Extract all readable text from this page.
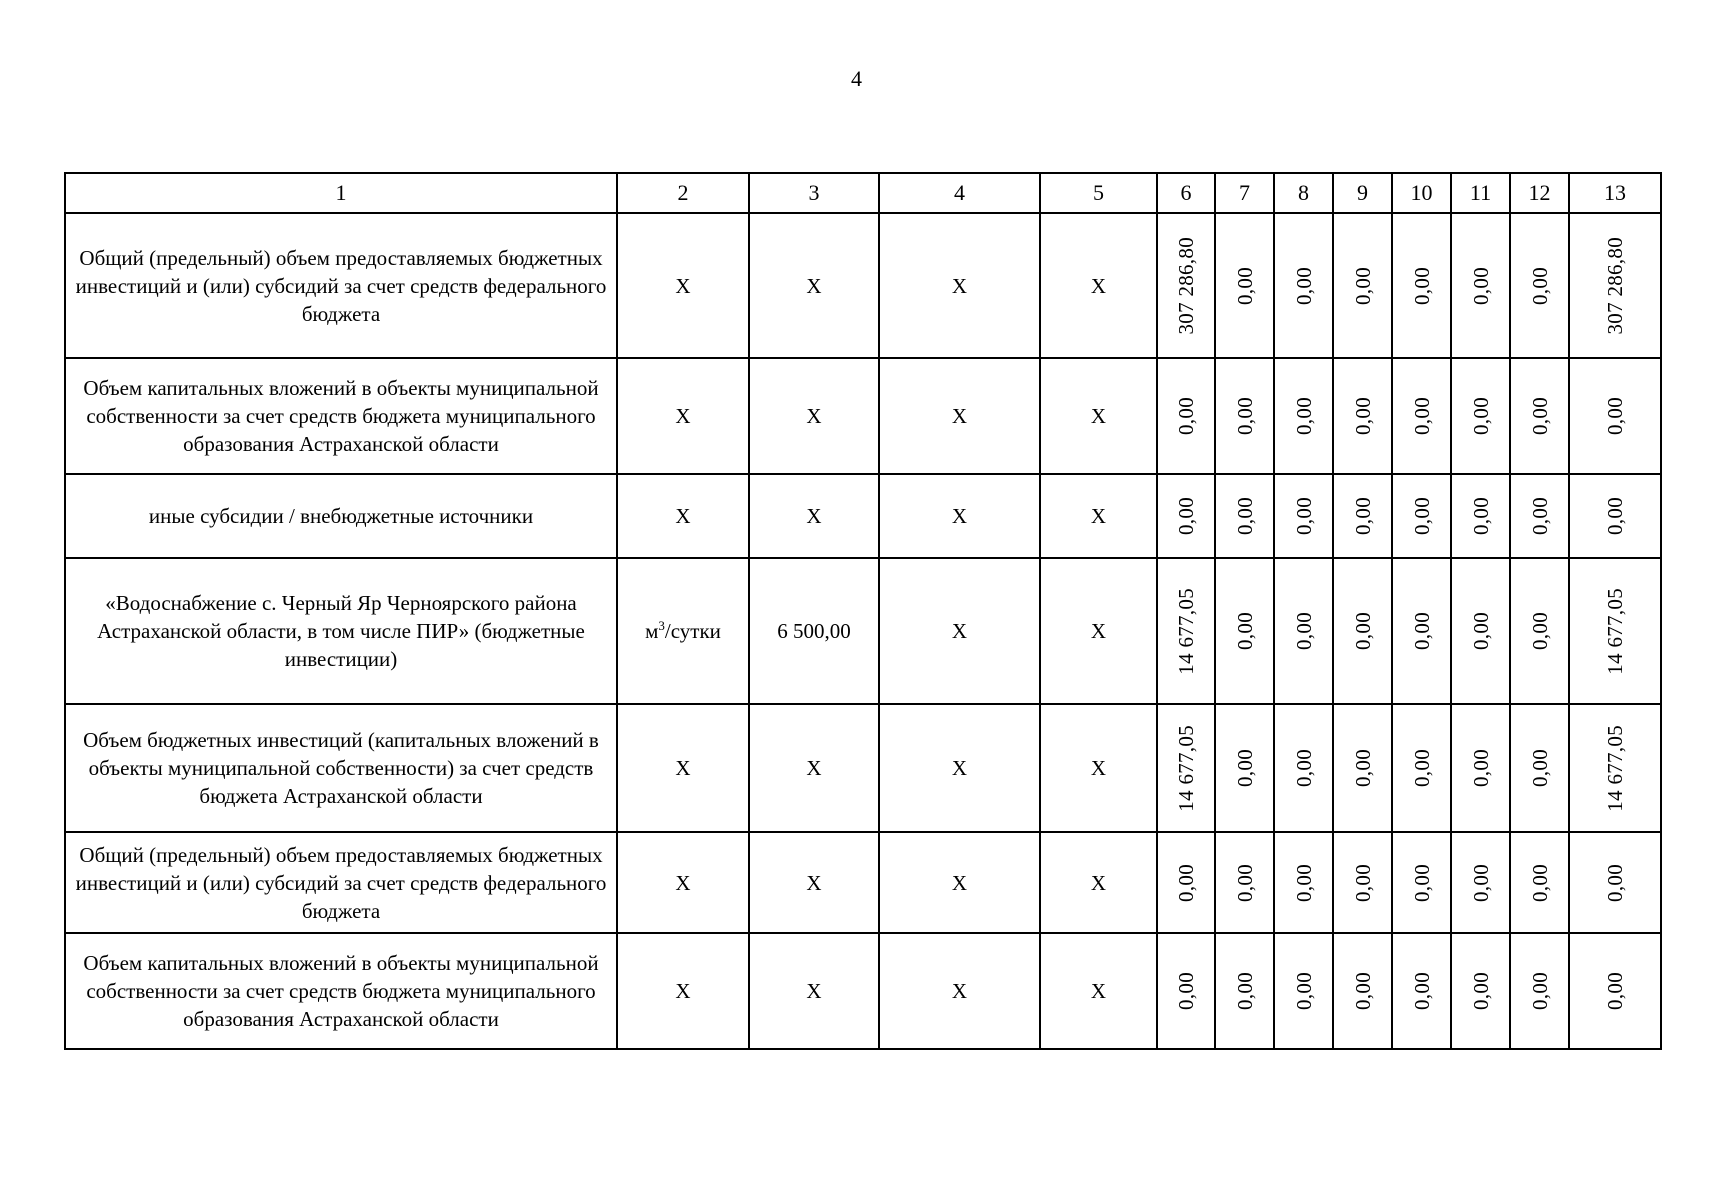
4
1	2	3	4	5	6	7	8	9	10	11	12	13
Общий (предельный) объем предоставляемых бюджетных инвестиций и (или) субсидий за счет средств федерального бюджета	X	X	X	X	307 286,80	0,00	0,00	0,00	0,00	0,00	0,00	307 286,80

Объем капитальных вложений в объекты муниципальной собственности за счет средств бюджета муниципального образования Астраханской области	X	X	X	X	0,00	0,00	0,00	0,00	0,00	0,00	0,00	0,00

иные субсидии / внебюджетные источники	X	X	X	X	0,00	0,00	0,00	0,00	0,00	0,00	0,00	0,00

«Водоснабжение с. Черный Яр Черноярского района Астраханской области, в том числе ПИР» (бюджетные инвестиции)	$м^3$/сутки	6 500,00	X	X	14 677,05	0,00	0,00	0,00	0,00	0,00	0,00	14 677,05

Объем бюджетных инвестиций (капитальных вложений в объекты муниципальной собственности) за счет средств бюджета Астраханской области	X	X	X	X	14 677,05	0,00	0,00	0,00	0,00	0,00	0,00	14 677,05

Общий (предельный) объем предоставляемых бюджетных инвестиций и (или) субсидий за счет средств федерального бюджета	X	X	X	X	0,00	0,00	0,00	0,00	0,00	0,00	0,00	0,00

Объем капитальных вложений в объекты муниципальной собственности за счет средств бюджета муниципального образования Астраханской области	X	X	X	X	0,00	0,00	0,00	0,00	0,00	0,00	0,00	0,00
